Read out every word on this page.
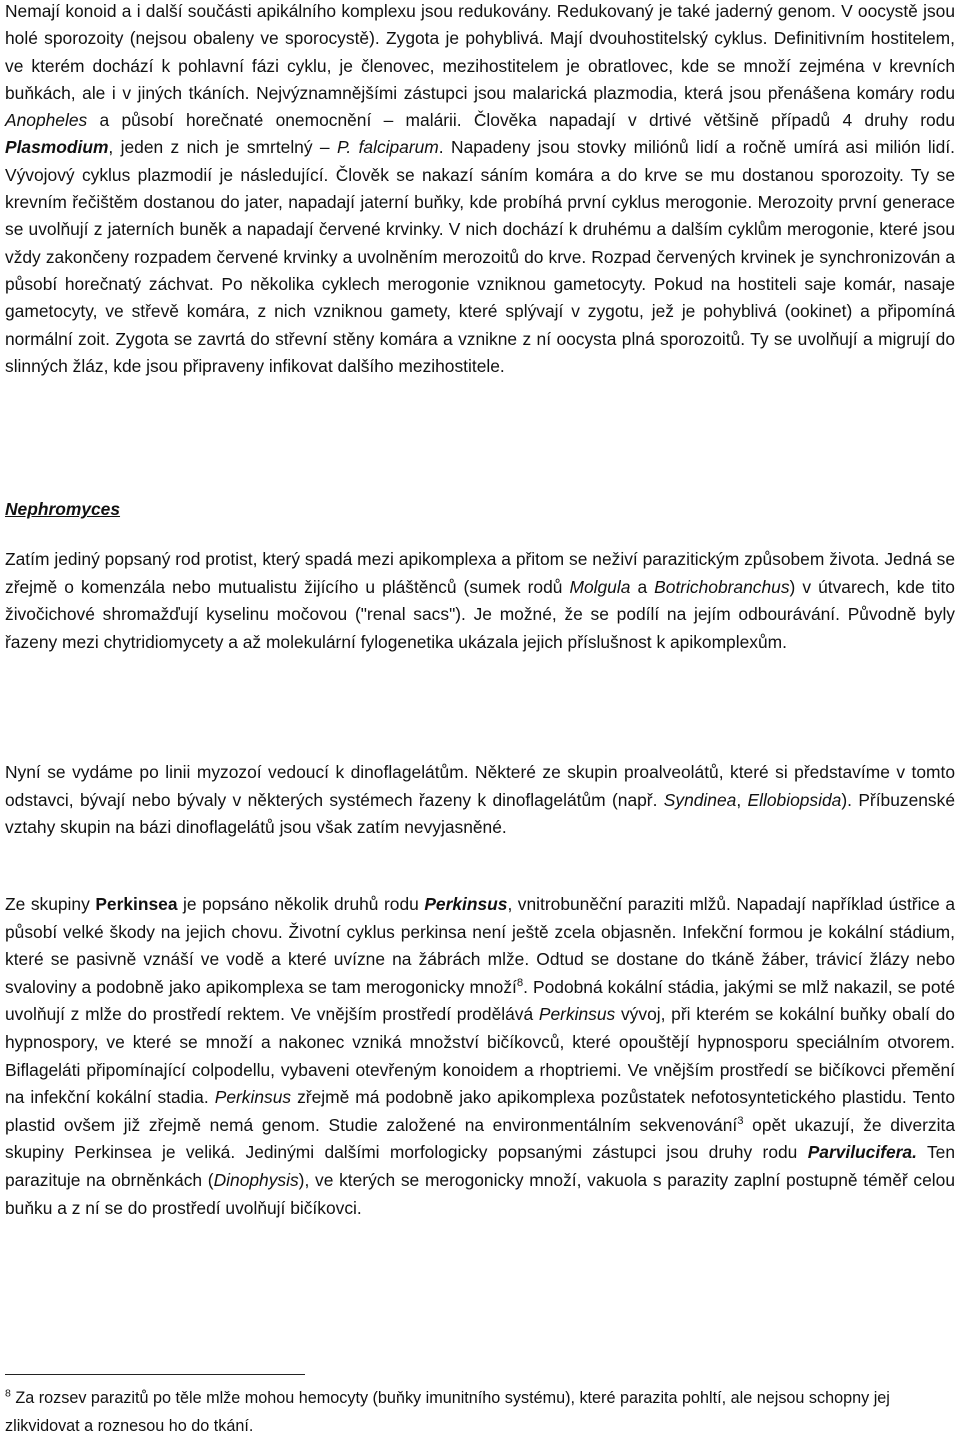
Nemají konoid a i další součásti apikálního komplexu jsou redukovány. Redukovaný je také jaderný genom. V oocystě jsou holé sporozoity (nejsou obaleny ve sporocystě). Zygota je pohyblivá. Mají dvouhostitelský cyklus. Definitivním hostitelem, ve kterém dochází k pohlavní fázi cyklu, je členovec, mezihostitelem je obratlovec, kde se množí zejména v krevních buňkách, ale i v jiných tkáních. Nejvýznamnějšími zástupci jsou malarická plazmodia, která jsou přenášena komáry rodu Anopheles a působí horečnaté onemocnění – malárii. Člověka napadají v drtivé většině případů 4 druhy rodu Plasmodium, jeden z nich je smrtelný – P. falciparum. Napadeny jsou stovky miliónů lidí a ročně umírá asi milión lidí. Vývojový cyklus plazmodií je následující. Člověk se nakazí sáním komára a do krve se mu dostanou sporozoity. Ty se krevním řečištěm dostanou do jater, napadají jaterní buňky, kde probíhá první cyklus merogonie. Merozoity první generace se uvolňují z jaterních buněk a napadají červené krvinky. V nich dochází k druhému a dalším cyklům merogonie, které jsou vždy zakončeny rozpadem červené krvinky a uvolněním merozoitů do krve. Rozpad červených krvinek je synchronizován a působí horečnatý záchvat. Po několika cyklech merogonie vzniknou gametocyty. Pokud na hostiteli saje komár, nasaje gametocyty, ve střevě komára, z nich vzniknou gamety, které splývají v zygotu, jež je pohyblivá (ookinet) a připomíná normální zoit. Zygota se zavrtá do střevní stěny komára a vznikne z ní oocysta plná sporozoitů. Ty se uvolňují a migrují do slinných žláz, kde jsou připraveny infikovat dalšího mezihostitele.

Nephromyces

Zatím jediný popsaný rod protist, který spadá mezi apikomplexa a přitom se neživí parazitickým způsobem života. Jedná se zřejmě o komenzála nebo mutualistu žijícího u pláštěnců (sumek rodů Molgula a Botrichobranchus) v útvarech, kde tito živočichové shromažďují kyselinu močovou ("renal sacs"). Je možné, že se podílí na jejím odbourávání. Původně byly řazeny mezi chytridiomycety a až molekulární fylogenetika ukázala jejich příslušnost k apikomplexům.

Nyní se vydáme po linii myzozoí vedoucí k dinoflagelátům. Některé ze skupin proalveolátů, které si představíme v tomto odstavci, bývají nebo bývaly v některých systémech řazeny k dinoflagelátům (např. Syndinea, Ellobiopsida). Příbuzenské vztahy skupin na bázi dinoflagelátů jsou však zatím nevyjasněné.

Ze skupiny Perkinsea je popsáno několik druhů rodu Perkinsus, vnitrobuněční paraziti mlžů. Napadají například ústřice a působí velké škody na jejich chovu. Životní cyklus perkinsa není ještě zcela objasněn. Infekční formou je kokální stádium, které se pasivně vznáší ve vodě a které uvízne na žábrách mlže. Odtud se dostane do tkáně žáber, trávicí žlázy nebo svaloviny a podobně jako apikomplexa se tam merogonicky množí$^8$. Podobná kokální stádia, jakými se mlž nakazil, se poté uvolňují z mlže do prostředí rektem. Ve vnějším prostředí prodělává Perkinsus vývoj, při kterém se kokální buňky obalí do hypnospory, ve které se množí a nakonec vzniká množství bičíkovců, které opouštějí hypnosporu speciálním otvorem. Biflageláti připomínající colpodellu, vybaveni otevřeným konoidem a rhoptriemi. Ve vnějším prostředí se bičíkovci přemění na infekční kokální stadia. Perkinsus zřejmě má podobně jako apikomplexa pozůstatek nefotosyntetického plastidu. Tento plastid ovšem již zřejmě nemá genom. Studie založené na environmentálním sekvenování$^3$ opět ukazují, že diverzita skupiny Perkinsea je veliká. Jedinými dalšími morfologicky popsanými zástupci jsou druhy rodu Parvilucifera. Ten parazituje na obrněnkách (Dinophysis), ve kterých se merogonicky množí, vakuola s parazity zaplní postupně téměř celou buňku a z ní se do prostředí uvolňují bičíkovci.

$^8$ Za rozsev parazitů po těle mlže mohou hemocyty (buňky imunitního systému), které parazita pohltí, ale nejsou schopny jej zlikvidovat a roznesou ho do tkání.
